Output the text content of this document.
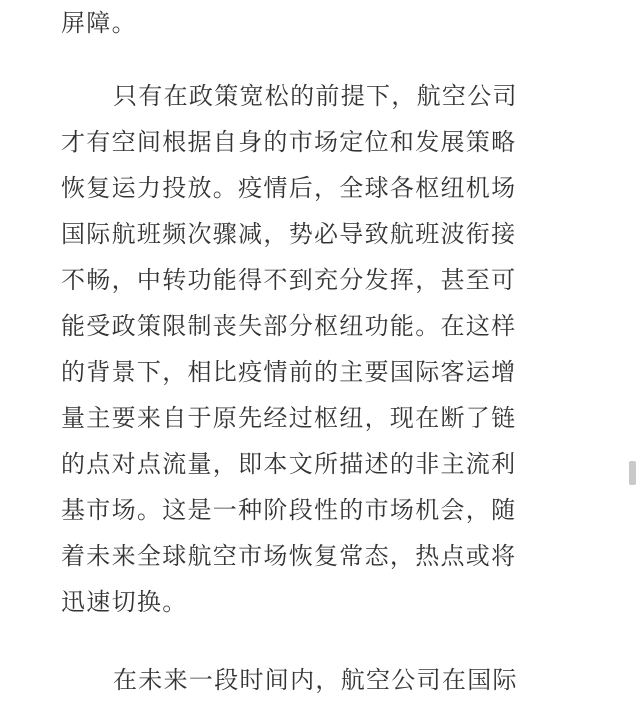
屏障。
只有在政策宽松的前提下，航空公司
才有空间根据自身的市场定位和发展策略
恢复运力投放。疫情后，全球各枢纽机场
国际航班频次骤减，势必导致航班波衔接
不畅，中转功能得不到充分发挥，甚至可
能受政策限制丧失部分枢纽功能。在这样
的背景下，相比疫情前的主要国际客运增
量主要来自于原先经过枢纽，现在断了链
的点对点流量，即本文所描述的非主流利
基市场。这是一种阶段性的市场机会，随
着未来全球航空市场恢复常态，热点或将
迅速切换。
在未来一段时间内，航空公司在国际
